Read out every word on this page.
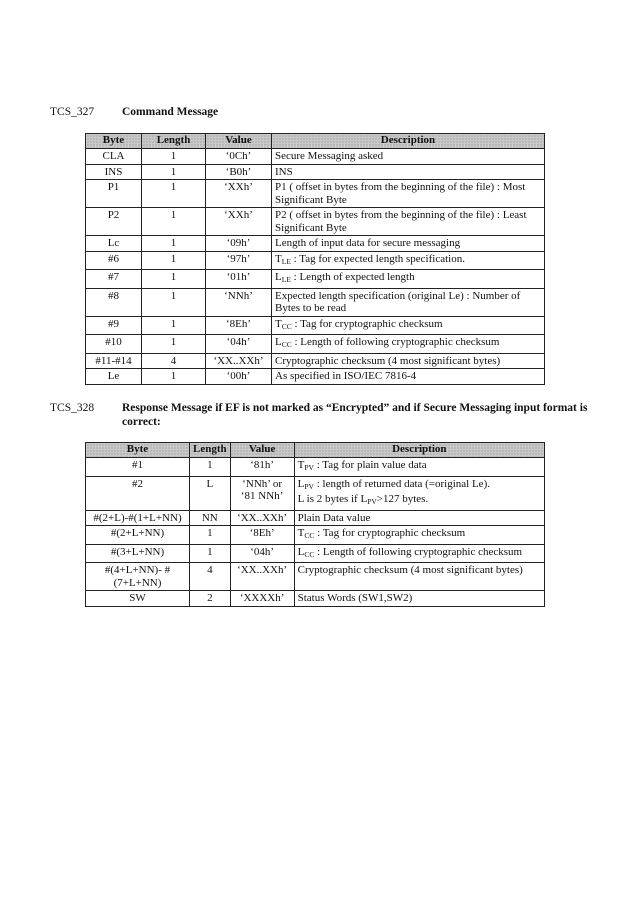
TCS_327 Command Message
Byte	Length	Value	Description
CLA	1	‘0Ch’	Secure Messaging asked
INS	1	‘B0h’	INS
P1	1	‘XXh’	P1 ( offset in bytes from the beginning of the file) : Most Significant Byte
P2	1	‘XXh’	P2 ( offset in bytes from the beginning of the file) : Least Significant Byte
Lc	1	‘09h’	Length of input data for secure messaging
#6	1	‘97h’	$T_{LE}$ : Tag for expected length specification.
#7	1	‘01h’	$L_{LE}$ : Length of expected length
#8	1	‘NNh’	Expected length specification (original Le) : Number of Bytes to be read
#9	1	‘8Eh’	$T_{CC}$ : Tag for cryptographic checksum
#10	1	‘04h’	$L_{CC}$ : Length of following cryptographic checksum
#11-#14	4	‘XX..XXh’	Cryptographic checksum (4 most significant bytes)
Le	1	‘00h’	As specified in ISO/IEC 7816-4
TCS_328 Response Message if EF is not marked as “Encrypted” and if Secure Messaging input format is correct:
Byte	Length	Value	Description
#1	1	‘81h’	$T_{PV}$ : Tag for plain value data
#2	L	‘NNh’ or ‘81 NNh’	$L_{PV}$ : length of returned data (=original Le).
L is 2 bytes if $L_{PV}>127$ bytes.
#(2+L)-#(1+L+NN)	NN	‘XX..XXh’	Plain Data value
#(2+L+NN)	1	‘8Eh’	$T_{CC}$ : Tag for cryptographic checksum
#(3+L+NN)	1	‘04h’	$L_{CC}$ : Length of following cryptographic checksum
#(4+L+NN)- #(7+L+NN)	4	‘XX..XXh’	Cryptographic checksum (4 most significant bytes)
SW	2	‘XXXXh’	Status Words (SW1,SW2)
